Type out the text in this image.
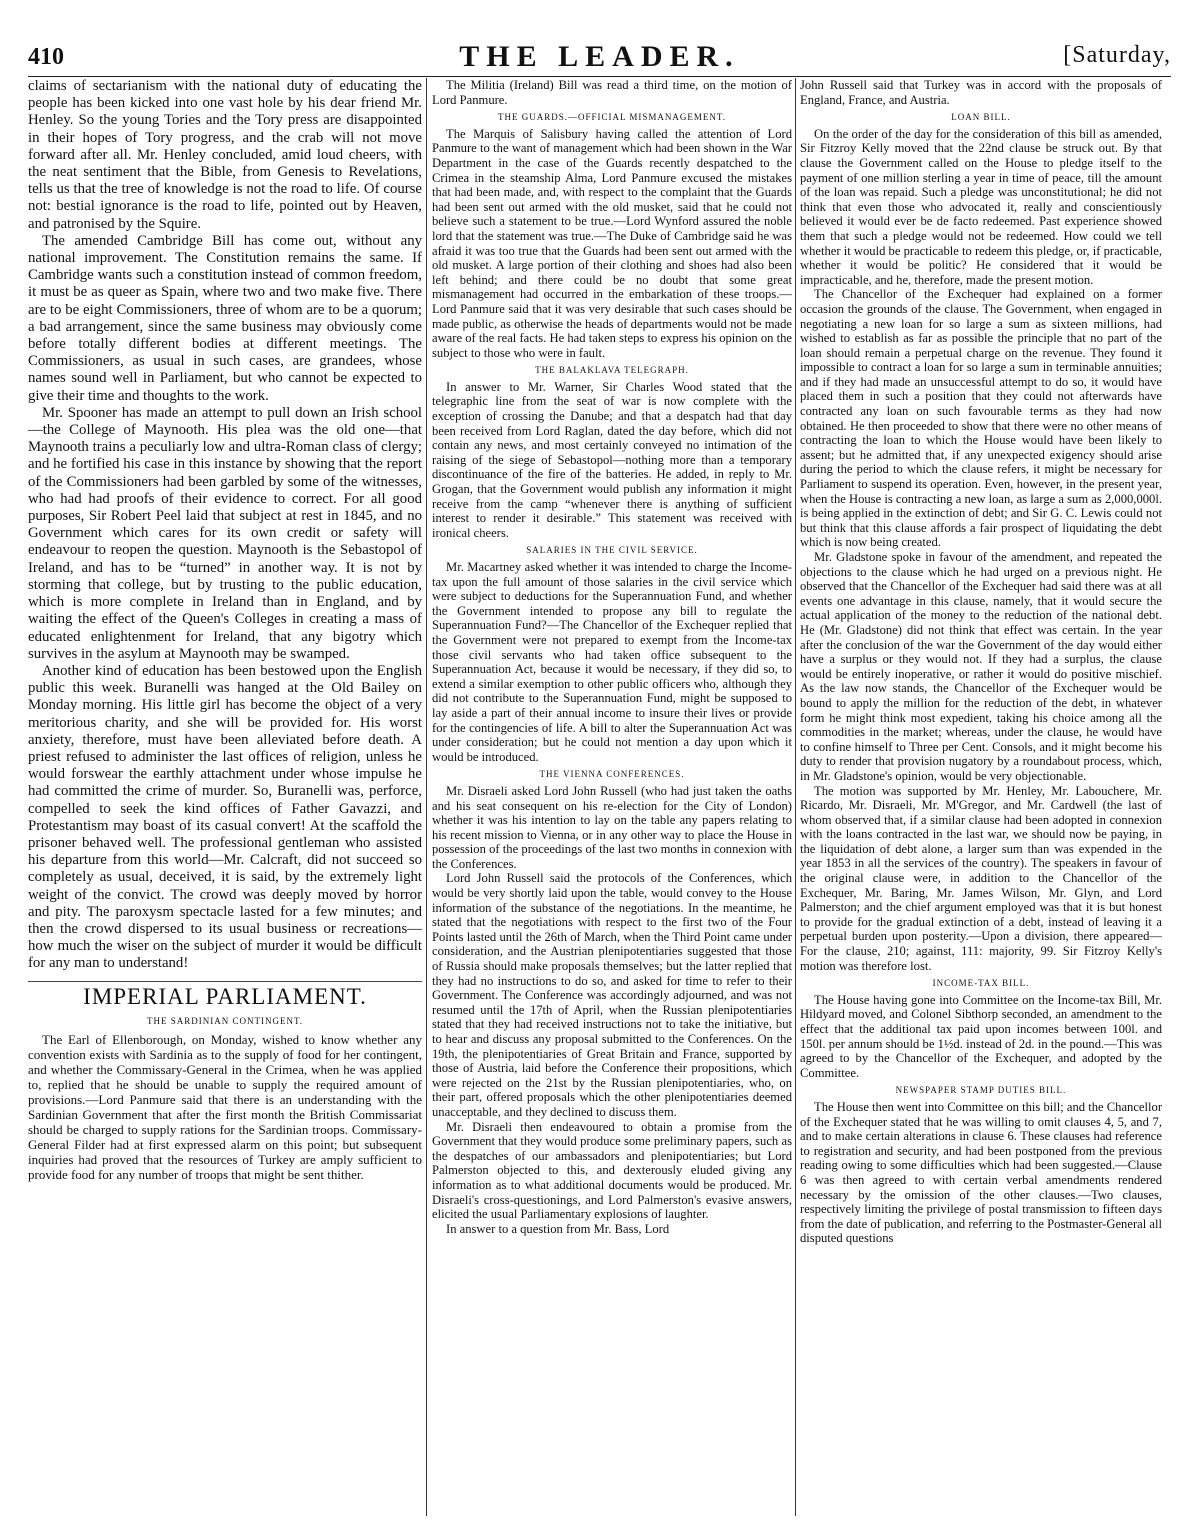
410	THE LEADER.	[Saturday,

claims of sectarianism with the national duty of educating the people has been kicked into one vast hole by his dear friend Mr. Henley. So the young Tories and the Tory press are disappointed in their hopes of Tory progress, and the crab will not move forward after all. Mr. Henley concluded, amid loud cheers, with the neat sentiment that the Bible, from Genesis to Revelations, tells us that the tree of knowledge is not the road to life. Of course not: bestial ignorance is the road to life, pointed out by Heaven, and patronised by the Squire.

The amended Cambridge Bill has come out, without any national improvement. The Constitution remains the same. If Cambridge wants such a constitution instead of common freedom, it must be as queer as Spain, where two and two make five. There are to be eight Commissioners, three of whom are to be a quorum; a bad arrangement, since the same business may obviously come before totally different bodies at different meetings. The Commissioners, as usual in such cases, are grandees, whose names sound well in Parliament, but who cannot be expected to give their time and thoughts to the work.

Mr. Spooner has made an attempt to pull down an Irish school—the College of Maynooth. His plea was the old one—that Maynooth trains a peculiarly low and ultra-Roman class of clergy; and he fortified his case in this instance by showing that the report of the Commissioners had been garbled by some of the witnesses, who had had proofs of their evidence to correct. For all good purposes, Sir Robert Peel laid that subject at rest in 1845, and no Government which cares for its own credit or safety will endeavour to reopen the question. Maynooth is the Sebastopol of Ireland, and has to be “turned” in another way. It is not by storming that college, but by trusting to the public education, which is more complete in Ireland than in England, and by waiting the effect of the Queen's Colleges in creating a mass of educated enlightenment for Ireland, that any bigotry which survives in the asylum at Maynooth may be swamped.

Another kind of education has been bestowed upon the English public this week. Buranelli was hanged at the Old Bailey on Monday morning. His little girl has become the object of a very meritorious charity, and she will be provided for. His worst anxiety, therefore, must have been alleviated before death. A priest refused to administer the last offices of religion, unless he would forswear the earthly attachment under whose impulse he had committed the crime of murder. So, Buranelli was, perforce, compelled to seek the kind offices of Father Gavazzi, and Protestantism may boast of its casual convert! At the scaffold the prisoner behaved well. The professional gentleman who assisted his departure from this world—Mr. Calcraft, did not succeed so completely as usual, deceived, it is said, by the extremely light weight of the convict. The crowd was deeply moved by horror and pity. The paroxysm spectacle lasted for a few minutes; and then the crowd dispersed to its usual business or recreations—how much the wiser on the subject of murder it would be difficult for any man to understand!

IMPERIAL PARLIAMENT.
THE SARDINIAN CONTINGENT.

The Earl of Ellenborough, on Monday, wished to know whether any convention exists with Sardinia as to the supply of food for her contingent, and whether the Commissary-General in the Crimea, when he was applied to, replied that he should be unable to supply the required amount of provisions.—Lord Panmure said that there is an understanding with the Sardinian Government that after the first month the British Commissariat should be charged to supply rations for the Sardinian troops. Commissary-General Filder had at first expressed alarm on this point; but subsequent inquiries had proved that the resources of Turkey are amply sufficient to provide food for any number of troops that might be sent thither.

The Militia (Ireland) Bill was read a third time, on the motion of Lord Panmure.

THE GUARDS.—OFFICIAL MISMANAGEMENT.

The Marquis of Salisbury having called the attention of Lord Panmure to the want of management which had been shown in the War Department in the case of the Guards recently despatched to the Crimea in the steamship Alma, Lord Panmure excused the mistakes that had been made, and, with respect to the complaint that the Guards had been sent out armed with the old musket, said that he could not believe such a statement to be true.—Lord Wynford assured the noble lord that the statement was true.—The Duke of Cambridge said he was afraid it was too true that the Guards had been sent out armed with the old musket. A large portion of their clothing and shoes had also been left behind; and there could be no doubt that some great mismanagement had occurred in the embarkation of these troops.—Lord Panmure said that it was very desirable that such cases should be made public, as otherwise the heads of departments would not be made aware of the real facts. He had taken steps to express his opinion on the subject to those who were in fault.

THE BALAKLAVA TELEGRAPH.

In answer to Mr. Warner, Sir Charles Wood stated that the telegraphic line from the seat of war is now complete with the exception of crossing the Danube; and that a despatch had that day been received from Lord Raglan, dated the day before, which did not contain any news, and most certainly conveyed no intimation of the raising of the siege of Sebastopol—nothing more than a temporary discontinuance of the fire of the batteries. He added, in reply to Mr. Grogan, that the Government would publish any information it might receive from the camp “whenever there is anything of sufficient interest to render it desirable.” This statement was received with ironical cheers.

SALARIES IN THE CIVIL SERVICE.

Mr. Macartney asked whether it was intended to charge the Income-tax upon the full amount of those salaries in the civil service which were subject to deductions for the Superannuation Fund, and whether the Government intended to propose any bill to regulate the Superannuation Fund?—The Chancellor of the Exchequer replied that the Government were not prepared to exempt from the Income-tax those civil servants who had taken office subsequent to the Superannuation Act, because it would be necessary, if they did so, to extend a similar exemption to other public officers who, although they did not contribute to the Superannuation Fund, might be supposed to lay aside a part of their annual income to insure their lives or provide for the contingencies of life. A bill to alter the Superannuation Act was under consideration; but he could not mention a day upon which it would be introduced.

THE VIENNA CONFERENCES.

Mr. Disraeli asked Lord John Russell (who had just taken the oaths and his seat consequent on his re-election for the City of London) whether it was his intention to lay on the table any papers relating to his recent mission to Vienna, or in any other way to place the House in possession of the proceedings of the last two months in connexion with the Conferences.

Lord John Russell said the protocols of the Conferences, which would be very shortly laid upon the table, would convey to the House information of the substance of the negotiations. In the meantime, he stated that the negotiations with respect to the first two of the Four Points lasted until the 26th of March, when the Third Point came under consideration, and the Austrian plenipotentiaries suggested that those of Russia should make proposals themselves; but the latter replied that they had no instructions to do so, and asked for time to refer to their Government. The Conference was accordingly adjourned, and was not resumed until the 17th of April, when the Russian plenipotentiaries stated that they had received instructions not to take the initiative, but to hear and discuss any proposal submitted to the Conferences. On the 19th, the plenipotentiaries of Great Britain and France, supported by those of Austria, laid before the Conference their propositions, which were rejected on the 21st by the Russian plenipotentiaries, who, on their part, offered proposals which the other plenipotentiaries deemed unacceptable, and they declined to discuss them.

Mr. Disraeli then endeavoured to obtain a promise from the Government that they would produce some preliminary papers, such as the despatches of our ambassadors and plenipotentiaries; but Lord Palmerston objected to this, and dexterously eluded giving any information as to what additional documents would be produced. Mr. Disraeli's cross-questionings, and Lord Palmerston's evasive answers, elicited the usual Parliamentary explosions of laughter.

In answer to a question from Mr. Bass, Lord

John Russell said that Turkey was in accord with the proposals of England, France, and Austria.

LOAN BILL.

On the order of the day for the consideration of this bill as amended, Sir Fitzroy Kelly moved that the 22nd clause be struck out. By that clause the Government called on the House to pledge itself to the payment of one million sterling a year in time of peace, till the amount of the loan was repaid. Such a pledge was unconstitutional; he did not think that even those who advocated it, really and conscientiously believed it would ever be de facto redeemed. Past experience showed them that such a pledge would not be redeemed. How could we tell whether it would be practicable to redeem this pledge, or, if practicable, whether it would be politic? He considered that it would be impracticable, and he, therefore, made the present motion.

The Chancellor of the Exchequer had explained on a former occasion the grounds of the clause. The Government, when engaged in negotiating a new loan for so large a sum as sixteen millions, had wished to establish as far as possible the principle that no part of the loan should remain a perpetual charge on the revenue. They found it impossible to contract a loan for so large a sum in terminable annuities; and if they had made an unsuccessful attempt to do so, it would have placed them in such a position that they could not afterwards have contracted any loan on such favourable terms as they had now obtained. He then proceeded to show that there were no other means of contracting the loan to which the House would have been likely to assent; but he admitted that, if any unexpected exigency should arise during the period to which the clause refers, it might be necessary for Parliament to suspend its operation. Even, however, in the present year, when the House is contracting a new loan, as large a sum as 2,000,000l. is being applied in the extinction of debt; and Sir G. C. Lewis could not but think that this clause affords a fair prospect of liquidating the debt which is now being created.

Mr. Gladstone spoke in favour of the amendment, and repeated the objections to the clause which he had urged on a previous night. He observed that the Chancellor of the Exchequer had said there was at all events one advantage in this clause, namely, that it would secure the actual application of the money to the reduction of the national debt. He (Mr. Gladstone) did not think that effect was certain. In the year after the conclusion of the war the Government of the day would either have a surplus or they would not. If they had a surplus, the clause would be entirely inoperative, or rather it would do positive mischief. As the law now stands, the Chancellor of the Exchequer would be bound to apply the million for the reduction of the debt, in whatever form he might think most expedient, taking his choice among all the commodities in the market; whereas, under the clause, he would have to confine himself to Three per Cent. Consols, and it might become his duty to render that provision nugatory by a roundabout process, which, in Mr. Gladstone's opinion, would be very objectionable.

The motion was supported by Mr. Henley, Mr. Labouchere, Mr. Ricardo, Mr. Disraeli, Mr. M'Gregor, and Mr. Cardwell (the last of whom observed that, if a similar clause had been adopted in connexion with the loans contracted in the last war, we should now be paying, in the liquidation of debt alone, a larger sum than was expended in the year 1853 in all the services of the country). The speakers in favour of the original clause were, in addition to the Chancellor of the Exchequer, Mr. Baring, Mr. James Wilson, Mr. Glyn, and Lord Palmerston; and the chief argument employed was that it is but honest to provide for the gradual extinction of a debt, instead of leaving it a perpetual burden upon posterity.—Upon a division, there appeared—For the clause, 210; against, 111: majority, 99. Sir Fitzroy Kelly's motion was therefore lost.

INCOME-TAX BILL.

The House having gone into Committee on the Income-tax Bill, Mr. Hildyard moved, and Colonel Sibthorp seconded, an amendment to the effect that the additional tax paid upon incomes between 100l. and 150l. per annum should be 1½d. instead of 2d. in the pound.—This was agreed to by the Chancellor of the Exchequer, and adopted by the Committee.

NEWSPAPER STAMP DUTIES BILL.

The House then went into Committee on this bill; and the Chancellor of the Exchequer stated that he was willing to omit clauses 4, 5, and 7, and to make certain alterations in clause 6. These clauses had reference to registration and security, and had been postponed from the previous reading owing to some difficulties which had been suggested.—Clause 6 was then agreed to with certain verbal amendments rendered necessary by the omission of the other clauses.—Two clauses, respectively limiting the privilege of postal transmission to fifteen days from the date of publication, and referring to the Postmaster-General all disputed questions
